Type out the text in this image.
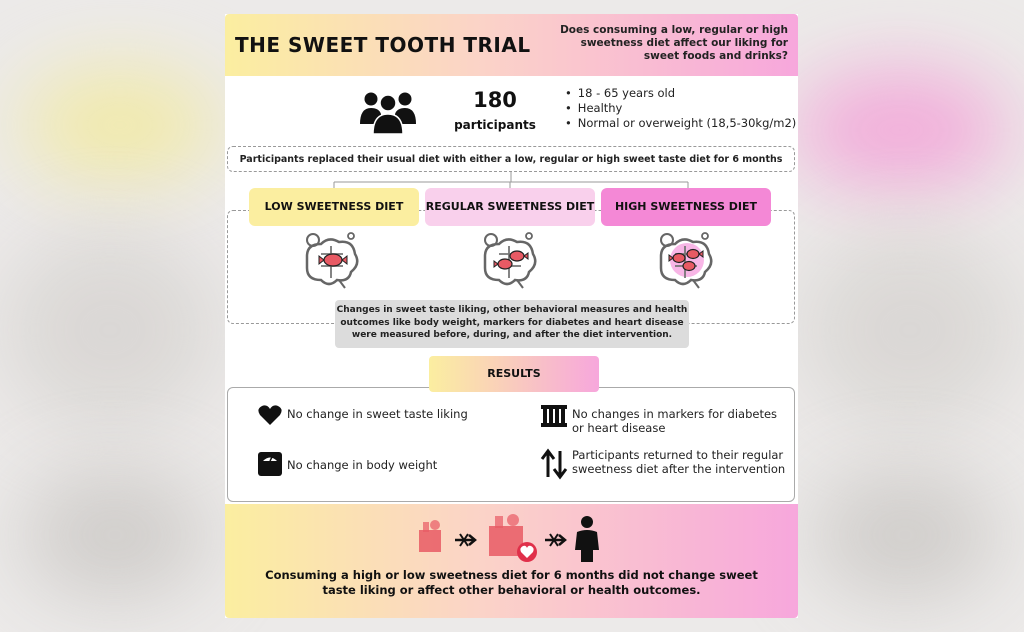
THE SWEET TOOTH TRIAL
Does consuming a low, regular or high sweetness diet affect our liking for sweet foods and drinks?
180
participants
• 18 - 65 years old
• Healthy
• Normal or overweight (18,5-30kg/m2)
Participants replaced their usual diet with either a low, regular or high sweet taste diet for 6 months
LOW SWEETNESS DIET	REGULAR SWEETNESS DIET	HIGH SWEETNESS DIET
Changes in sweet taste liking, other behavioral measures and health outcomes like body weight, markers for diabetes and heart disease were measured before, during, and after the diet intervention.
RESULTS
No change in sweet taste liking	No changes in markers for diabetes or heart disease
No change in body weight
Participants returned to their regular sweetness diet after the intervention
Consuming a high or low sweetness diet for 6 months did not change sweet taste liking or affect other behavioral or health outcomes.
